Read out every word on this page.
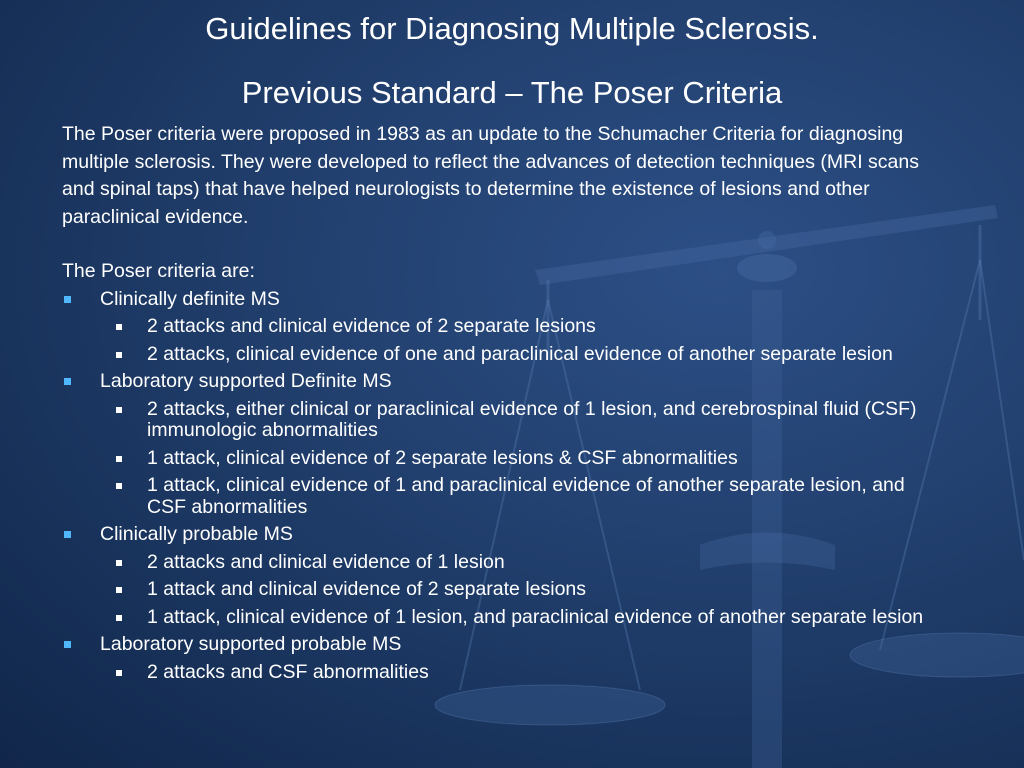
Guidelines for Diagnosing Multiple Sclerosis.
Previous Standard – The Poser Criteria

The Poser criteria were proposed in 1983 as an update to the Schumacher Criteria for diagnosing multiple sclerosis. They were developed to reflect the advances of detection techniques (MRI scans and spinal taps) that have helped neurologists to determine the existence of lesions and other paraclinical evidence.

The Poser criteria are:

Clinically definite MS
2 attacks and clinical evidence of 2 separate lesions
2 attacks, clinical evidence of one and paraclinical evidence of another separate lesion
Laboratory supported Definite MS
2 attacks, either clinical or paraclinical evidence of 1 lesion, and cerebrospinal fluid (CSF) immunologic abnormalities
1 attack, clinical evidence of 2 separate lesions & CSF abnormalities
1 attack, clinical evidence of 1 and paraclinical evidence of another separate lesion, and CSF abnormalities
Clinically probable MS
2 attacks and clinical evidence of 1 lesion
1 attack and clinical evidence of 2 separate lesions
1 attack, clinical evidence of 1 lesion, and paraclinical evidence of another separate lesion
Laboratory supported probable MS
2 attacks and CSF abnormalities
